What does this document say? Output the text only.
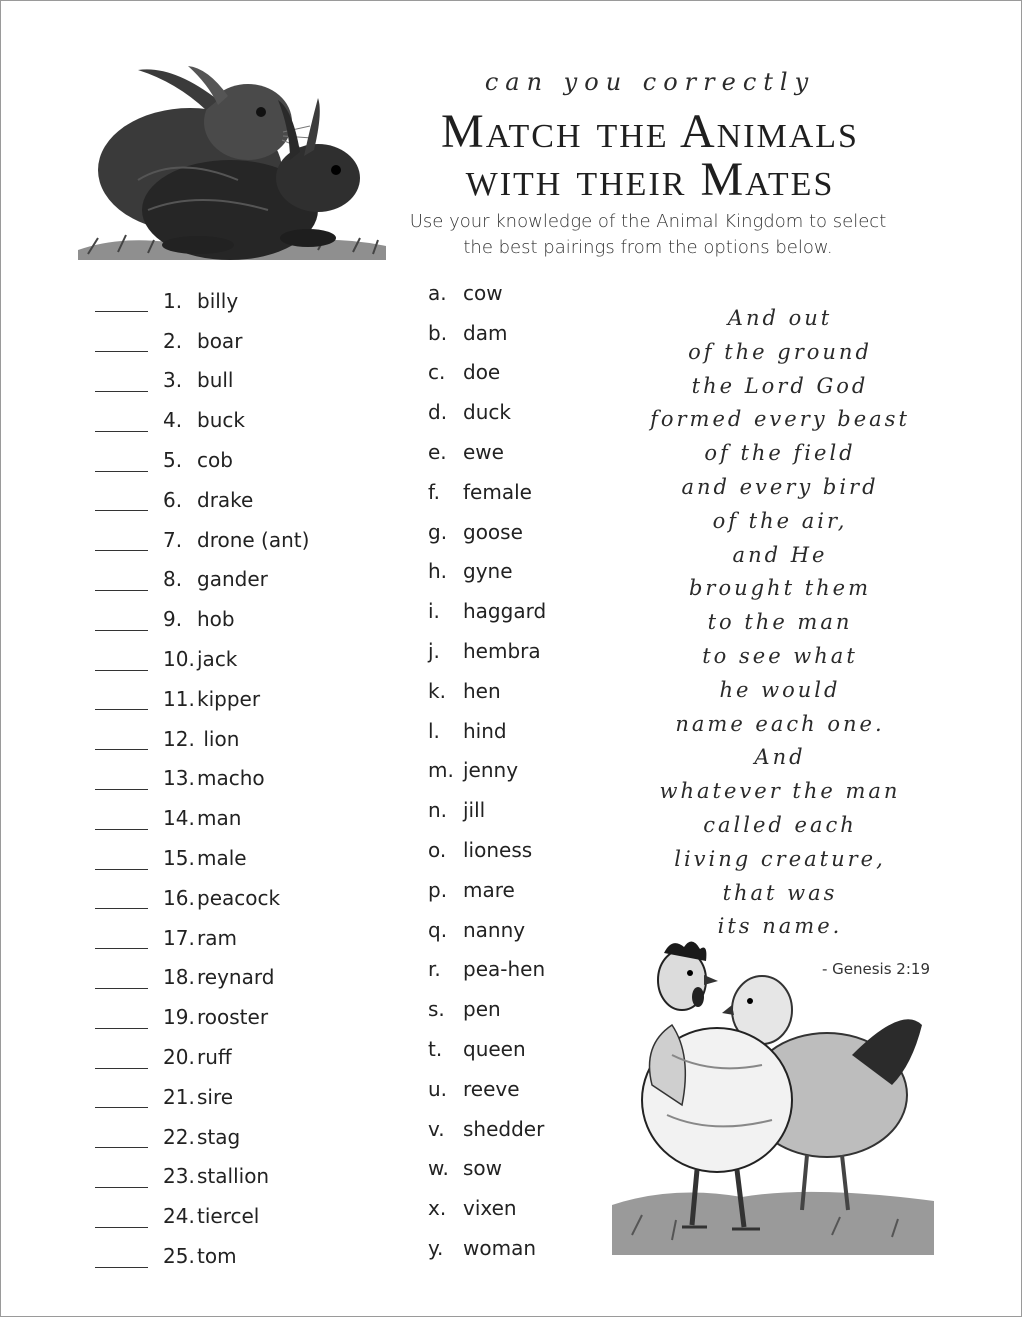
can you correctly
Match the Animals
with their Mates
Use your knowledge of the Animal Kingdom to select
the best pairings from the options below.
1. billy
2. boar
3. bull
4. buck
5. cob
6. drake
7. drone (ant)
8. gander
9. hob
10. jack
11. kipper
12. lion
13. macho
14. man
15. male
16. peacock
17. ram
18. reynard
19. rooster
20. ruff
21. sire
22. stag
23. stallion
24. tiercel
25. tom
a. cow
b. dam
c. doe
d. duck
e. ewe
f.	female
g. goose
h. gyne
i.	haggard
j.	hembra
k. hen
l.	hind
m. jenny
n. jill
o. lioness
p. mare
q. nanny
r.	pea-hen
s. pen
t.	queen
u. reeve
v. shedder
w. sow
x. vixen
y. woman
And out
of the ground
the Lord God
formed every beast
of the field
and every bird
of the air,
and He
brought them
to the man
to see what
he would
name each one.
And
whatever the man
called each
living creature,
that was
its name.
- Genesis 2:19
